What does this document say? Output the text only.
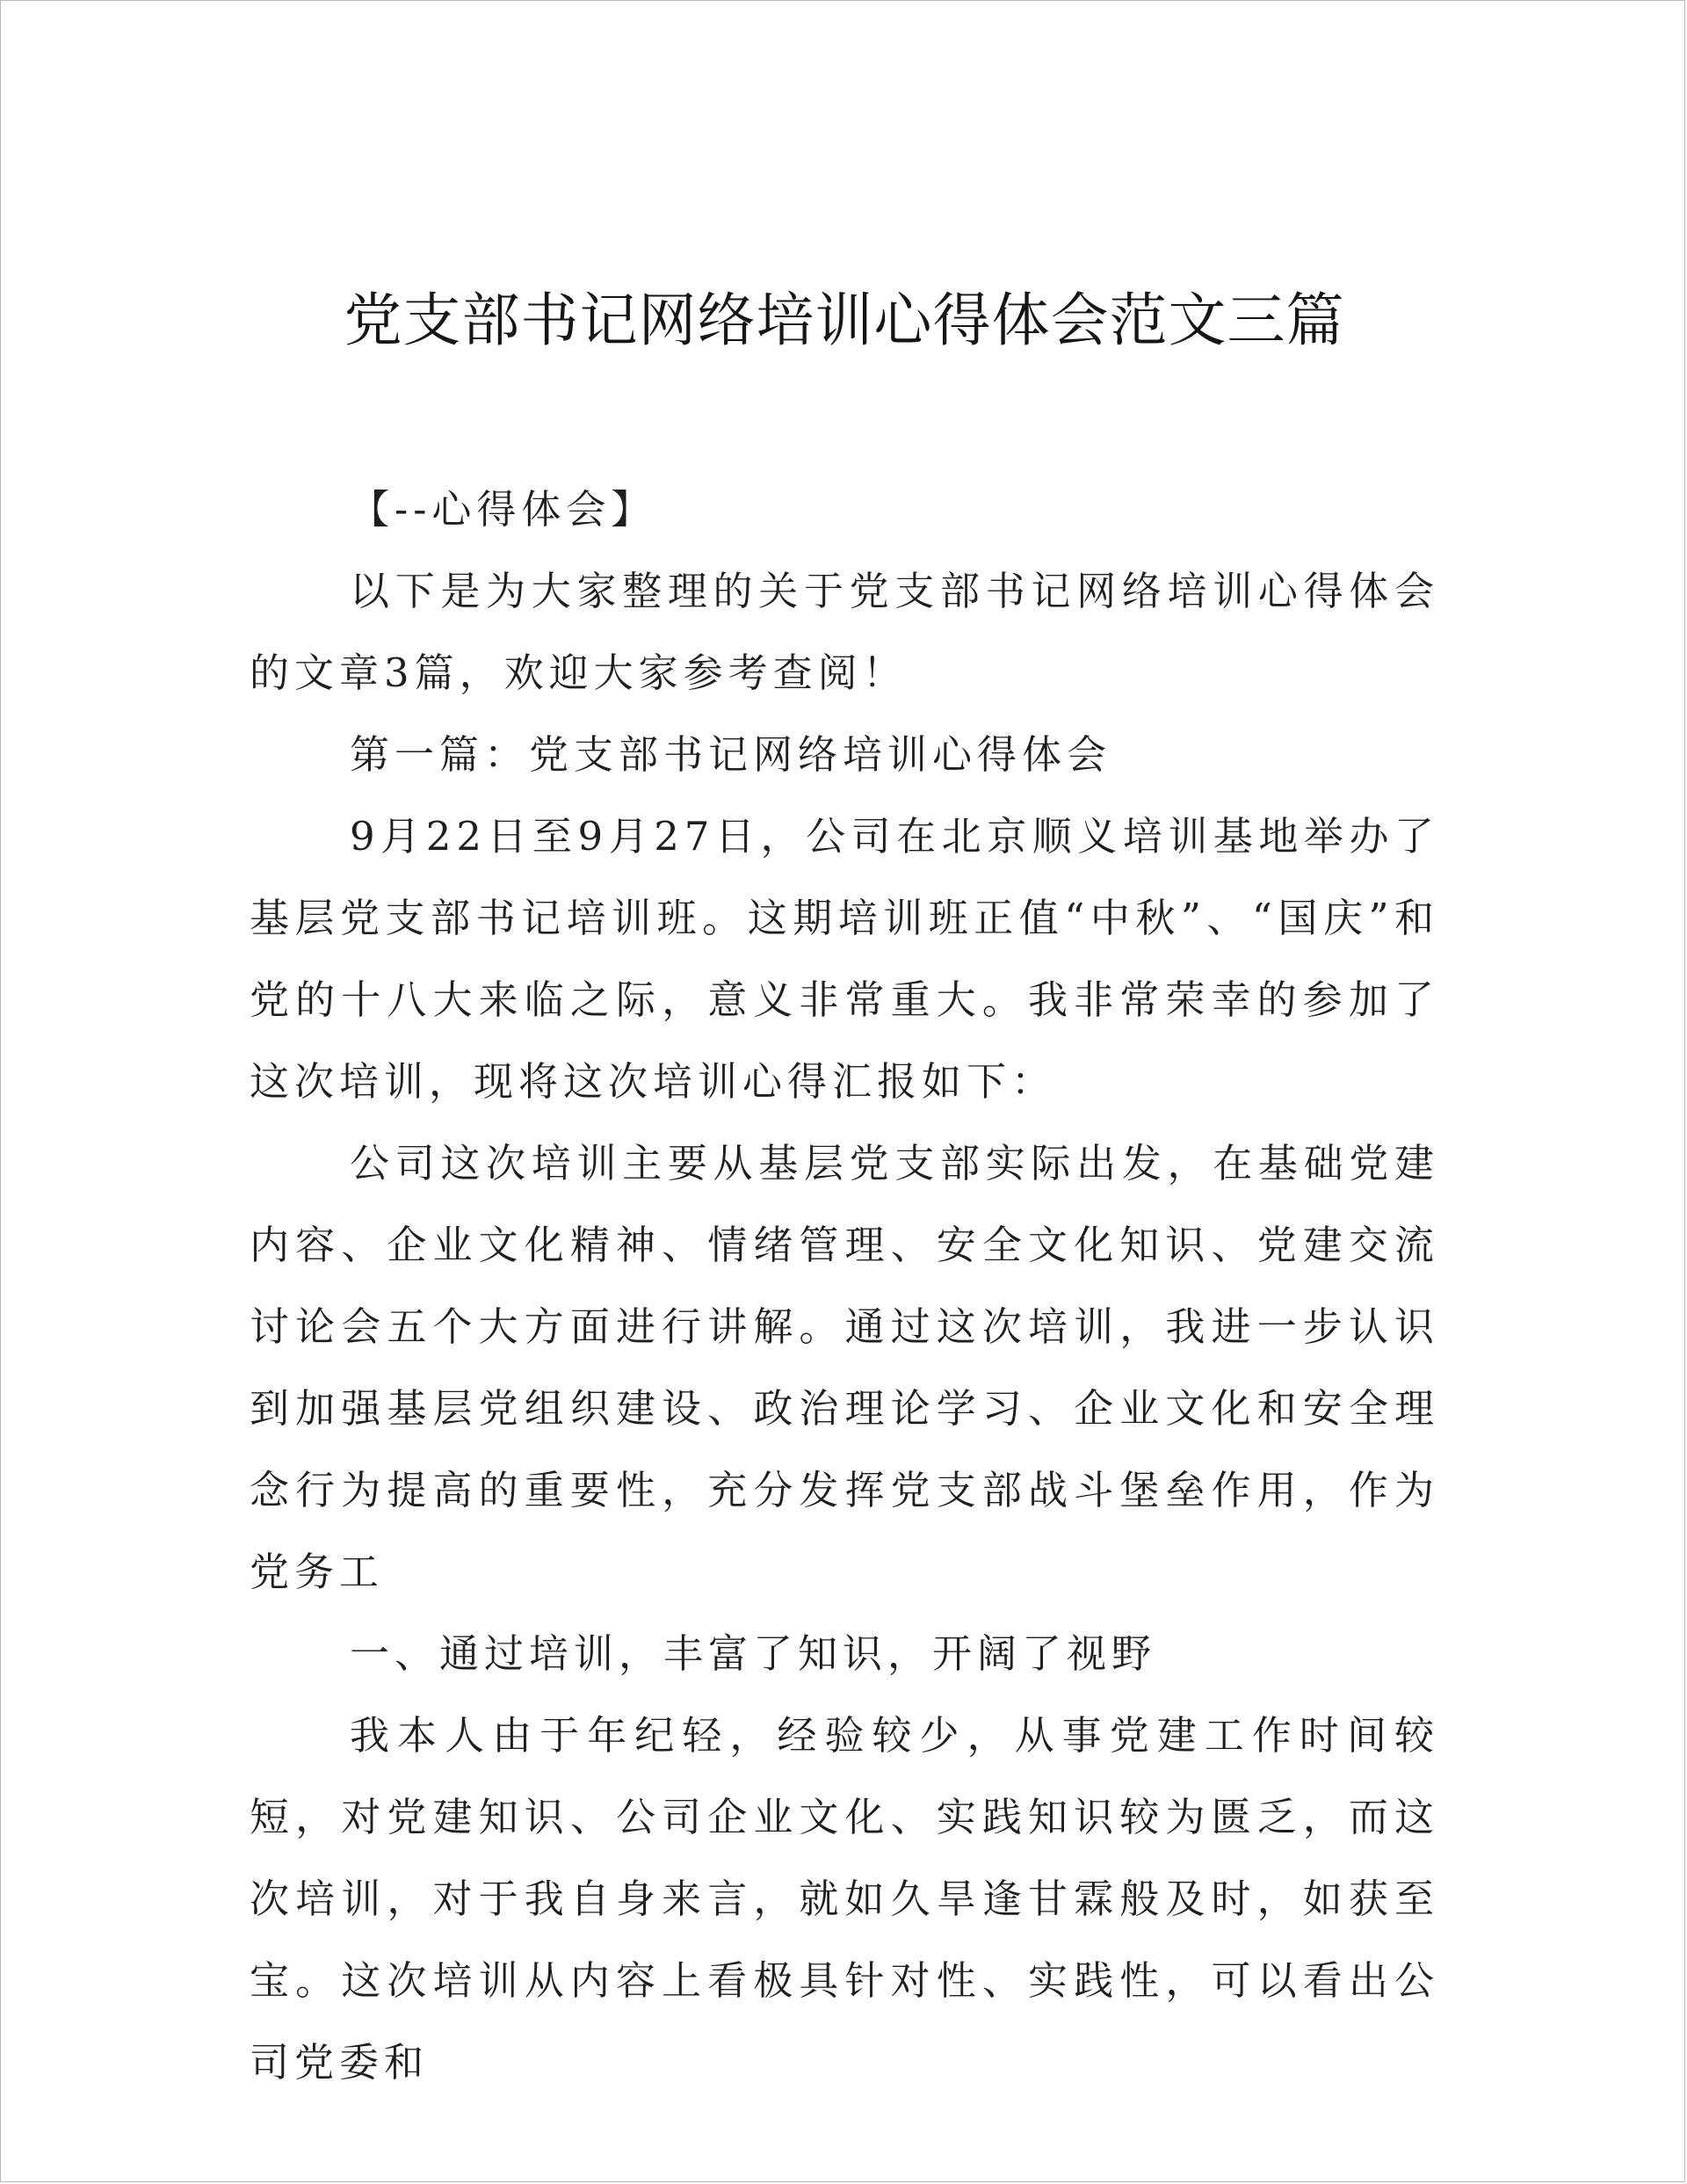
党支部书记网络培训心得体会范文三篇

【--心得体会】

以下是为大家整理的关于党支部书记网络培训心得体会的文章3篇，欢迎大家参考查阅！

第一篇：党支部书记网络培训心得体会

9月22日至9月27日，公司在北京顺义培训基地举办了基层党支部书记培训班。这期培训班正值“中秋”、“国庆”和党的十八大来临之际，意义非常重大。我非常荣幸的参加了这次培训，现将这次培训心得汇报如下：

公司这次培训主要从基层党支部实际出发，在基础党建内容、企业文化精神、情绪管理、安全文化知识、党建交流讨论会五个大方面进行讲解。通过这次培训，我进一步认识到加强基层党组织建设、政治理论学习、企业文化和安全理念行为提高的重要性，充分发挥党支部战斗堡垒作用，作为党务工

一、通过培训，丰富了知识，开阔了视野

我本人由于年纪轻，经验较少，从事党建工作时间较短，对党建知识、公司企业文化、实践知识较为匮乏，而这次培训，对于我自身来言，就如久旱逢甘霖般及时，如获至宝。这次培训从内容上看极具针对性、实践性，可以看出公司党委和
